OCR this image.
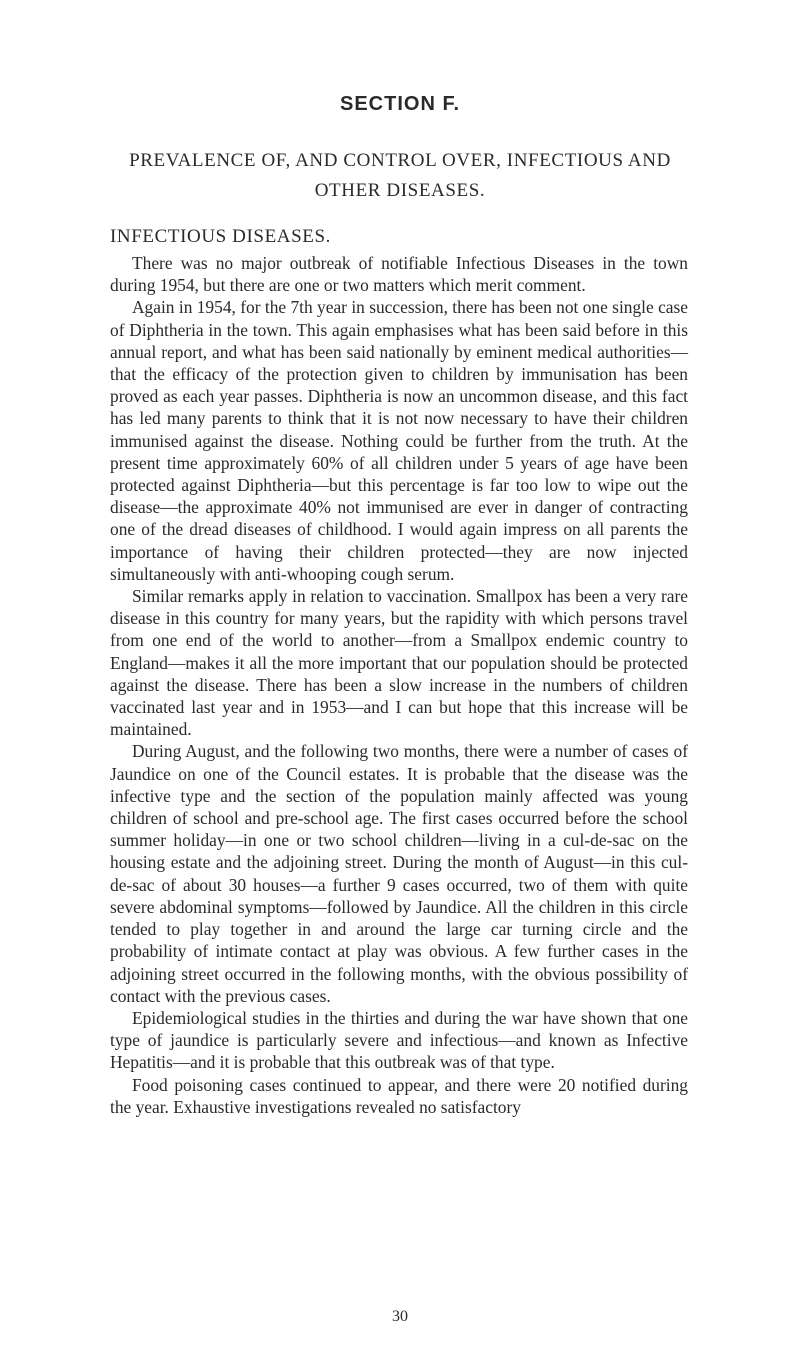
SECTION F.
PREVALENCE OF, AND CONTROL OVER, INFECTIOUS AND OTHER DISEASES.
INFECTIOUS DISEASES.

There was no major outbreak of notifiable Infectious Diseases in the town during 1954, but there are one or two matters which merit comment.

Again in 1954, for the 7th year in succession, there has been not one single case of Diphtheria in the town. This again emphasises what has been said before in this annual report, and what has been said nationally by eminent medical authorities—that the efficacy of the protection given to children by immunisation has been proved as each year passes. Diphtheria is now an uncommon disease, and this fact has led many parents to think that it is not now necessary to have their children immunised against the disease. Nothing could be further from the truth. At the present time approximately 60% of all children under 5 years of age have been protected against Diphtheria—but this percentage is far too low to wipe out the disease—the approximate 40% not immunised are ever in danger of contracting one of the dread diseases of childhood. I would again impress on all parents the importance of having their children protected—they are now injected simultaneously with anti-whooping cough serum.

Similar remarks apply in relation to vaccination. Smallpox has been a very rare disease in this country for many years, but the rapidity with which persons travel from one end of the world to another—from a Smallpox endemic country to England—makes it all the more important that our population should be protected against the disease. There has been a slow increase in the numbers of children vaccinated last year and in 1953—and I can but hope that this increase will be maintained.

During August, and the following two months, there were a number of cases of Jaundice on one of the Council estates. It is probable that the disease was the infective type and the section of the population mainly affected was young children of school and pre-school age. The first cases occurred before the school summer holiday—in one or two school children—living in a cul-de-sac on the housing estate and the adjoining street. During the month of August—in this cul-de-sac of about 30 houses—a further 9 cases occurred, two of them with quite severe abdominal symptoms—followed by Jaundice. All the children in this circle tended to play together in and around the large car turning circle and the probability of intimate contact at play was obvious. A few further cases in the adjoining street occurred in the following months, with the obvious possibility of contact with the previous cases.

Epidemiological studies in the thirties and during the war have shown that one type of jaundice is particularly severe and infectious—and known as Infective Hepatitis—and it is probable that this outbreak was of that type.

Food poisoning cases continued to appear, and there were 20 notified during the year. Exhaustive investigations revealed no satisfactory

30
